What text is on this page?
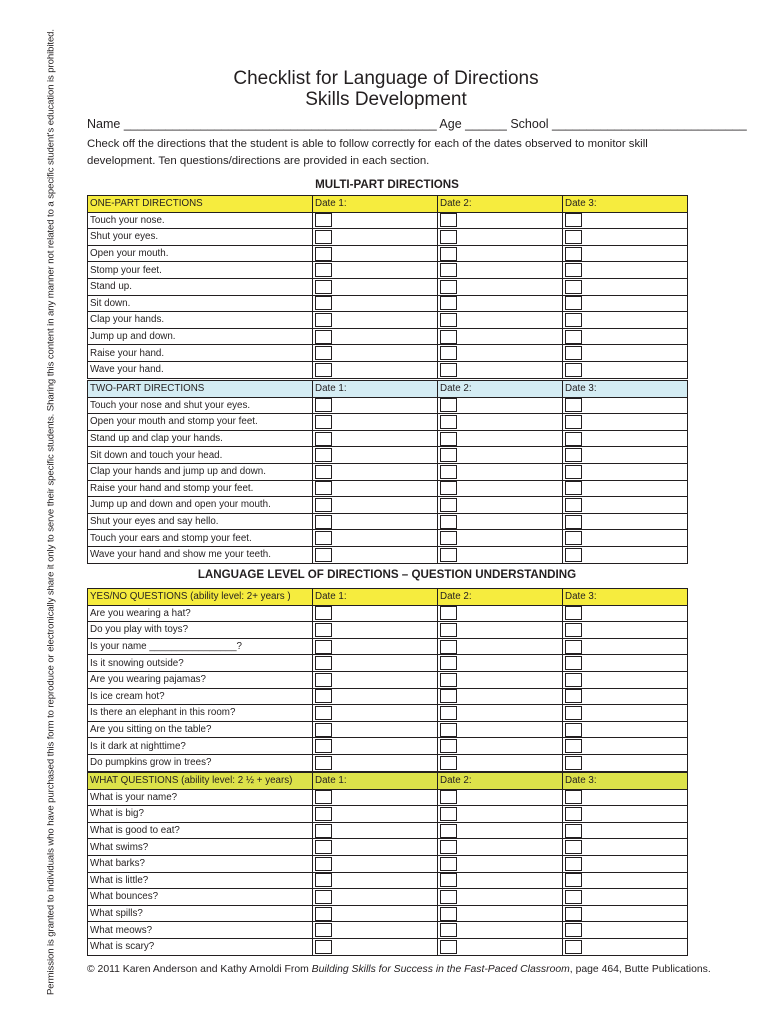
Permission is granted to individuals who have purchased this form to reproduce or electronically share it only to serve their specific students. Sharing this content in any manner not related to a specific student's education is prohibited.	Checklist for Language of Directions
Skills Development
Name _____________________________________________ Age ______ School ____________________________
Check off the directions that the student is able to follow correctly for each of the dates observed to monitor skill development. Ten questions/directions are provided in each section.
MULTI-PART DIRECTIONS
ONE-PART DIRECTIONS	Date 1:	Date 2:	Date 3:
Touch your nose.	

Shut your eyes.	

Open your mouth.	

Stomp your feet.	

Stand up.	

Sit down.	

Clap your hands.	

Jump up and down.	

Raise your hand.	

Wave your hand.	

TWO-PART DIRECTIONS	Date 1:	Date 2:	Date 3:
Touch your nose and shut your eyes.	

Open your mouth and stomp your feet.	

Stand up and clap your hands.	

Sit down and touch your head.	

Clap your hands and jump up and down.	

Raise your hand and stomp your feet.	

Jump up and down and open your mouth.	

Shut your eyes and say hello.	

Touch your ears and stomp your feet.	

Wave your hand and show me your teeth.	

LANGUAGE LEVEL OF DIRECTIONS – QUESTION UNDERSTANDING
YES/NO QUESTIONS (ability level: 2+ years )	Date 1:	Date 2:	Date 3:
Are you wearing a hat?	

Do you play with toys?	

Is your name ________________?	

Is it snowing outside?	

Are you wearing pajamas?	

Is ice cream hot?	

Is there an elephant in this room?	

Are you sitting on the table?	

Is it dark at nighttime?	

Do pumpkins grow in trees?	

WHAT QUESTIONS (ability level: 2 ½ + years)	Date 1:	Date 2:	Date 3:
What is your name?	

What is big?	

What is good to eat?	

What swims?	

What barks?	

What is little?	

What bounces?	

What spills?	

What meows?	

What is scary?	

© 2011 Karen Anderson and Kathy Arnoldi From Building Skills for Success in the Fast-Paced Classroom, page 464, Butte Publications.
